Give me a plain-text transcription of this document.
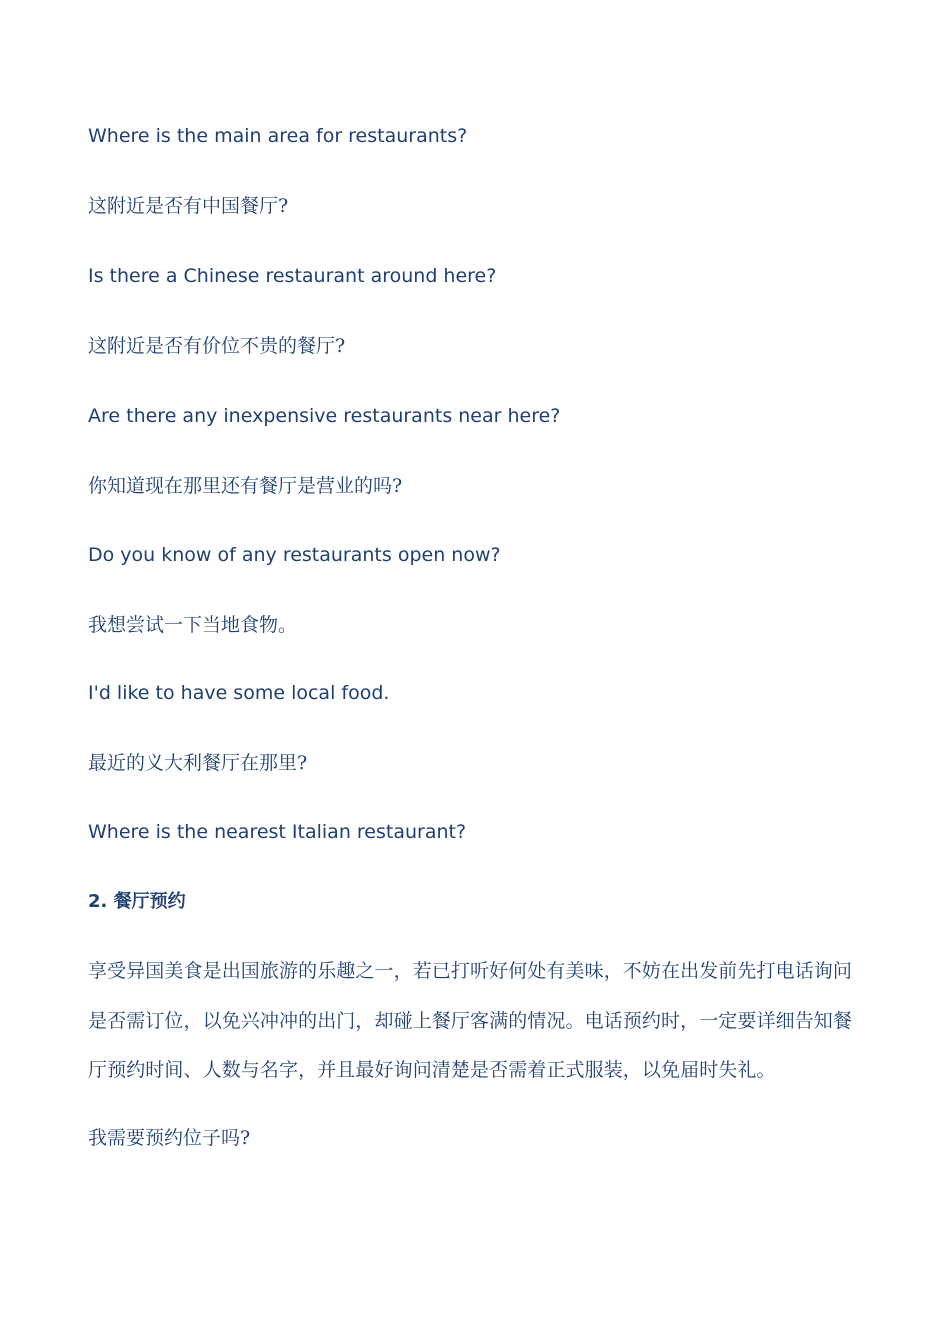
Where is the main area for restaurants?
这附近是否有中国餐厅?
Is there a Chinese restaurant around here?
这附近是否有价位不贵的餐厅?
Are there any inexpensive restaurants near here?
你知道现在那里还有餐厅是营业的吗?
Do you know of any restaurants open now?
我想尝试一下当地食物。
I'd like to have some local food.
最近的义大利餐厅在那里?
Where is the nearest Italian restaurant?
2. 餐厅预约
享受异国美食是出国旅游的乐趣之一，若已打听好何处有美味，不妨在出发前先打电话询问
是否需订位，以免兴冲冲的出门，却碰上餐厅客满的情况。电话预约时，一定要详细告知餐
厅预约时间、人数与名字，并且最好询问清楚是否需着正式服装，以免届时失礼。
我需要预约位子吗?
